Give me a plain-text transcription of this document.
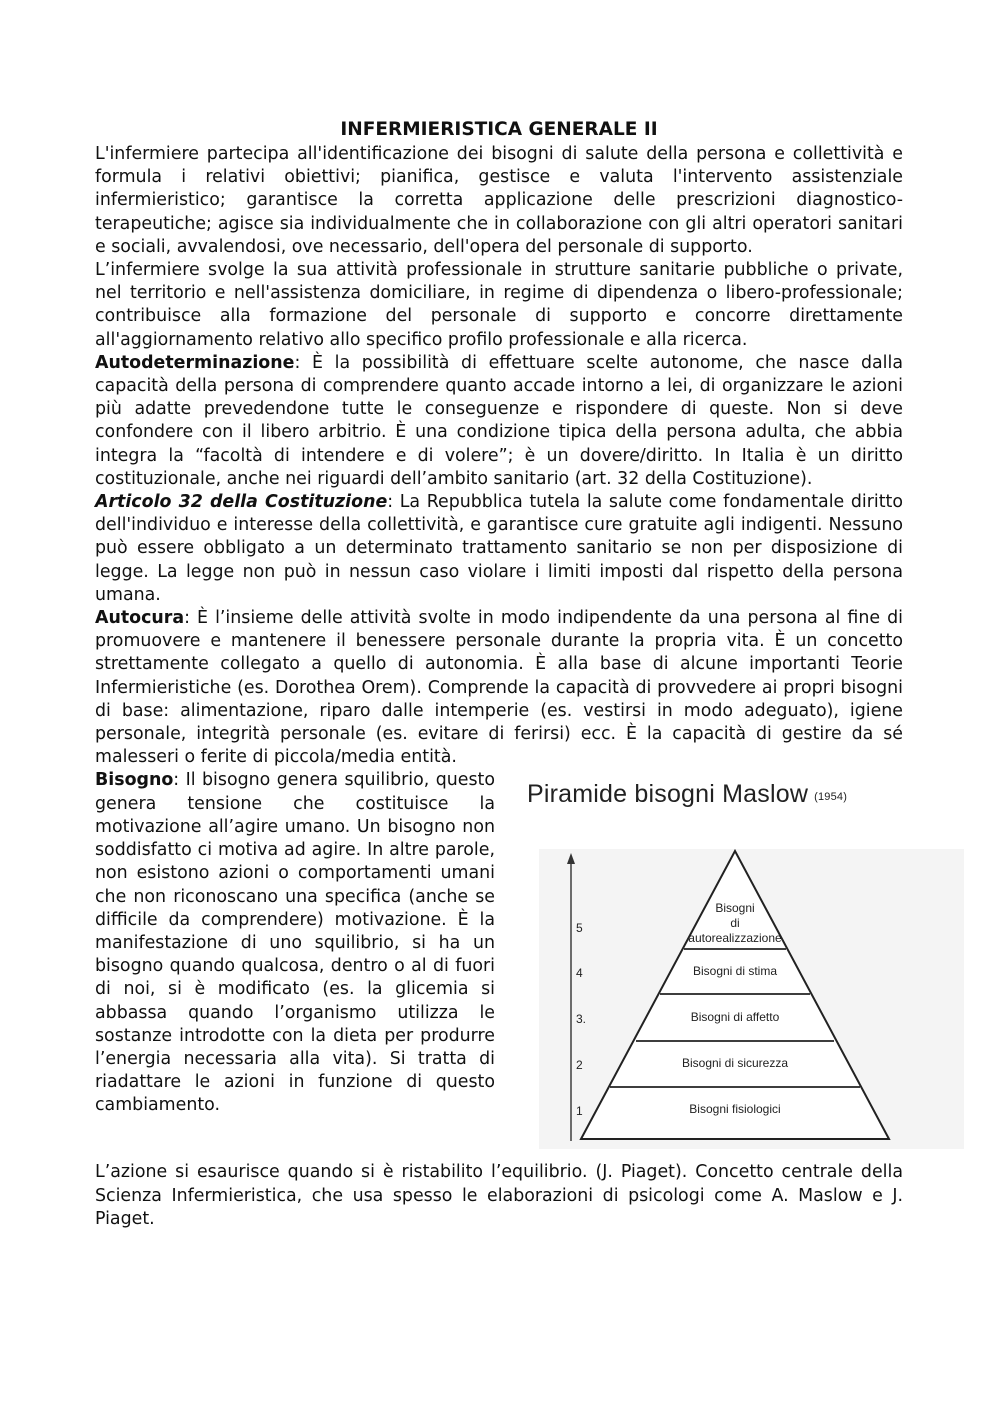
INFERMIERISTICA GENERALE II

L'infermiere partecipa all'identificazione dei bisogni di salute della persona e collettività e formula i relativi obiettivi; pianifica, gestisce e valuta l'intervento assistenziale infermieristico; garantisce la corretta applicazione delle prescrizioni diagnostico-terapeutiche; agisce sia individualmente che in collaborazione con gli altri operatori sanitari e sociali, avvalendosi, ove necessario, dell'opera del personale di supporto.

L’infermiere svolge la sua attività professionale in strutture sanitarie pubbliche o private, nel territorio e nell'assistenza domiciliare, in regime di dipendenza o libero-professionale; contribuisce alla formazione del personale di supporto e concorre direttamente all'aggiornamento relativo allo specifico profilo professionale e alla ricerca.

Autodeterminazione: È la possibilità di effettuare scelte autonome, che nasce dalla capacità della persona di comprendere quanto accade intorno a lei, di organizzare le azioni più adatte prevedendone tutte le conseguenze e rispondere di queste. Non si deve confondere con il libero arbitrio. È una condizione tipica della persona adulta, che abbia integra la “facoltà di intendere e di volere”; è un dovere/diritto. In Italia è un diritto costituzionale, anche nei riguardi dell’ambito sanitario (art. 32 della Costituzione).

Articolo 32 della Costituzione: La Repubblica tutela la salute come fondamentale diritto dell'individuo e interesse della collettività, e garantisce cure gratuite agli indigenti. Nessuno può essere obbligato a un determinato trattamento sanitario se non per disposizione di legge. La legge non può in nessun caso violare i limiti imposti dal rispetto della persona umana.

Autocura: È l’insieme delle attività svolte in modo indipendente da una persona al fine di promuovere e mantenere il benessere personale durante la propria vita. È un concetto strettamente collegato a quello di autonomia. È alla base di alcune importanti Teorie Infermieristiche (es. Dorothea Orem). Comprende la capacità di provvedere ai propri bisogni di base: alimentazione, riparo dalle intemperie (es. vestirsi in modo adeguato), igiene personale, integrità personale (es. evitare di ferirsi) ecc. È la capacità di gestire da sé malesseri o ferite di piccola/media entità.

Piramide bisogni Maslow (1954)
5
4
3.
2
1
Bisogni
di
autorealizzazione
Bisogni di stima
Bisogni di affetto
Bisogni di sicurezza
Bisogni fisiologici

Bisogno: Il bisogno genera squilibrio, questo genera tensione che costituisce la motivazione all’agire umano. Un bisogno non soddisfatto ci motiva ad agire. In altre parole, non esistono azioni o comportamenti umani che non riconoscano una specifica (anche se difficile da comprendere) motivazione. È la manifestazione di uno squilibrio, si ha un bisogno quando qualcosa, dentro o al di fuori di noi, si è modificato (es. la glicemia si abbassa quando l’organismo utilizza le sostanze introdotte con la dieta per produrre l’energia necessaria alla vita). Si tratta di riadattare le azioni in funzione di questo cambiamento.

L’azione si esaurisce quando si è ristabilito l’equilibrio. (J. Piaget). Concetto centrale della Scienza Infermieristica, che usa spesso le elaborazioni di psicologi come A. Maslow e J. Piaget.
